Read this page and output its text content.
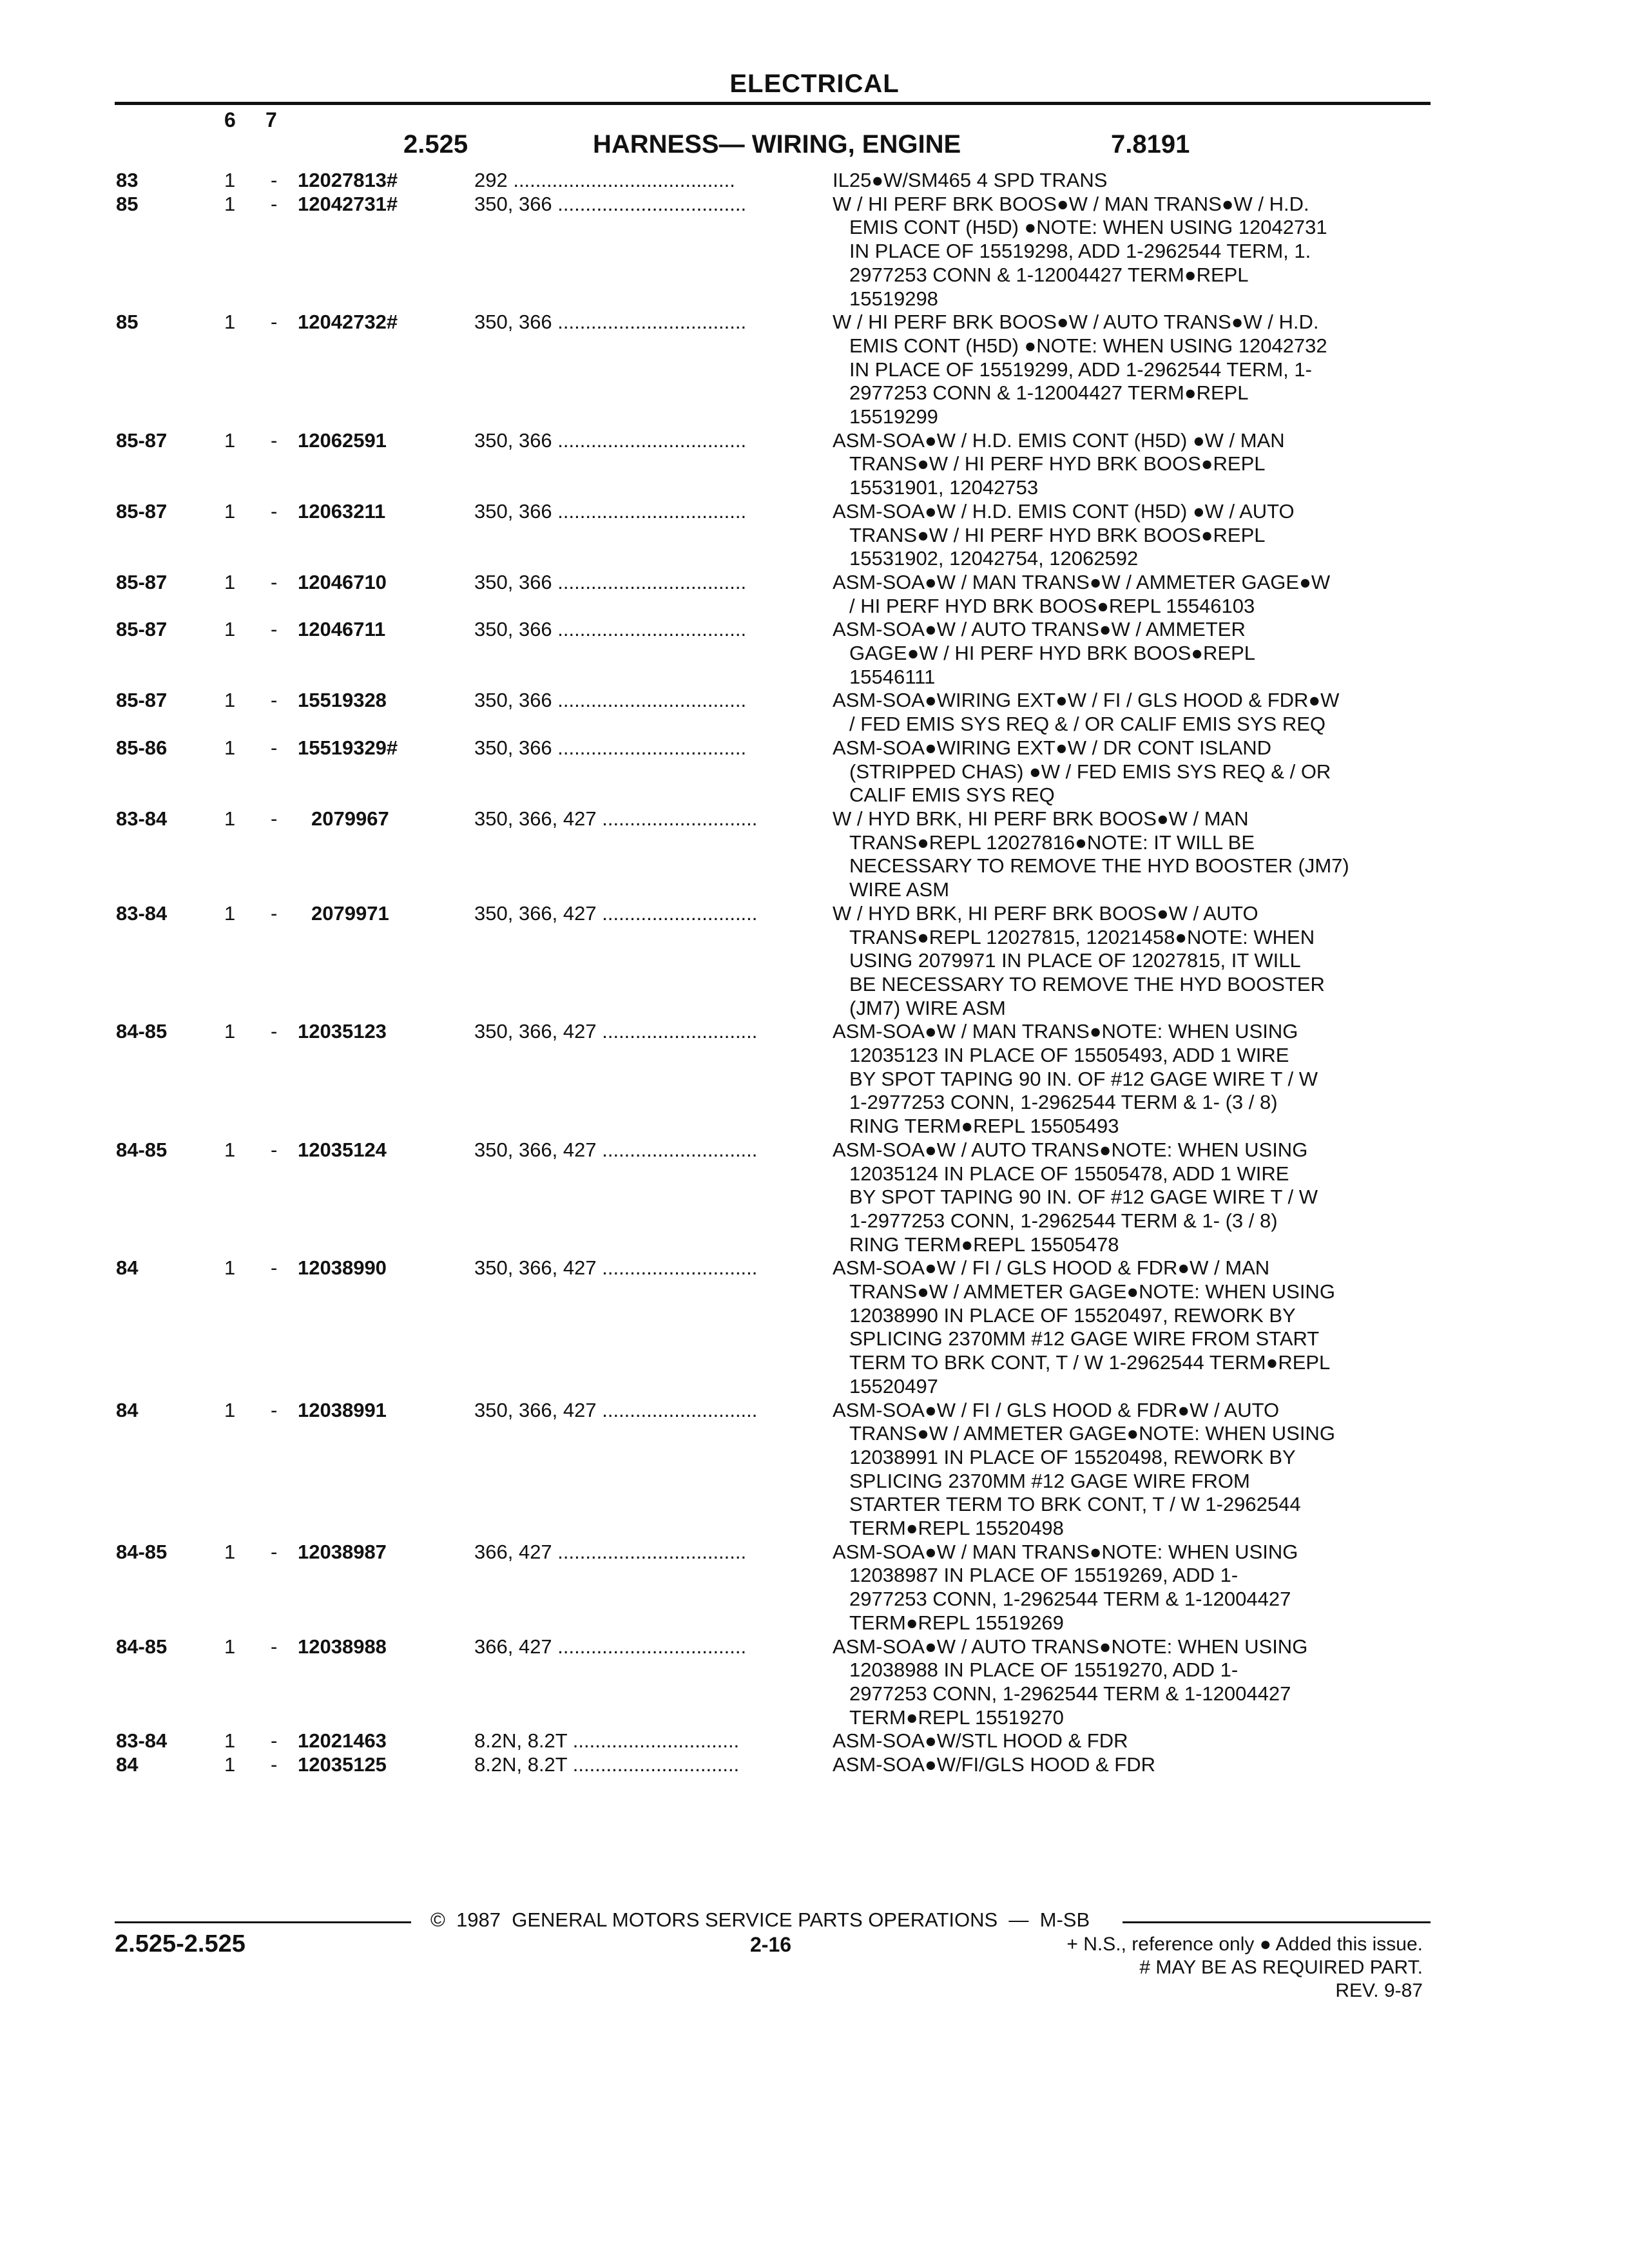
ELECTRICAL
6 7
2.525	HARNESS— WIRING, ENGINE	7.8191
83	1 - 12027813#	292 ........................................	IL25●W/SM465 4 SPD TRANS
85	1 - 12042731#	350, 366 ..................................	W / HI PERF BRK BOOS●W / MAN TRANS●W / H.D.
EMIS CONT (H5D) ●NOTE: WHEN USING 12042731
IN PLACE OF 15519298, ADD 1-2962544 TERM, 1.
2977253 CONN & 1-12004427 TERM●REPL
15519298
85	1 - 12042732#	350, 366 ..................................	W / HI PERF BRK BOOS●W / AUTO TRANS●W / H.D.
EMIS CONT (H5D) ●NOTE: WHEN USING 12042732
IN PLACE OF 15519299, ADD 1-2962544 TERM, 1-
2977253 CONN & 1-12004427 TERM●REPL
15519299
85-87	1 - 12062591	350, 366 ..................................	ASM-SOA●W / H.D. EMIS CONT (H5D) ●W / MAN
TRANS●W / HI PERF HYD BRK BOOS●REPL
15531901, 12042753
85-87	1 - 12063211	350, 366 ..................................	ASM-SOA●W / H.D. EMIS CONT (H5D) ●W / AUTO
TRANS●W / HI PERF HYD BRK BOOS●REPL
15531902, 12042754, 12062592
85-87	1 - 12046710	350, 366 ..................................	ASM-SOA●W / MAN TRANS●W / AMMETER GAGE●W
/ HI PERF HYD BRK BOOS●REPL 15546103
85-87	1 - 12046711	350, 366 ..................................	ASM-SOA●W / AUTO TRANS●W / AMMETER
GAGE●W / HI PERF HYD BRK BOOS●REPL
15546111
85-87	1 - 15519328	350, 366 ..................................	ASM-SOA●WIRING EXT●W / FI / GLS HOOD & FDR●W
/ FED EMIS SYS REQ & / OR CALIF EMIS SYS REQ
85-86	1 - 15519329#	350, 366 ..................................	ASM-SOA●WIRING EXT●W / DR CONT ISLAND
(STRIPPED CHAS) ●W / FED EMIS SYS REQ & / OR
CALIF EMIS SYS REQ
83-84	1 - 2079967	350, 366, 427 ............................	W / HYD BRK, HI PERF BRK BOOS●W / MAN
TRANS●REPL 12027816●NOTE: IT WILL BE
NECESSARY TO REMOVE THE HYD BOOSTER (JM7)
WIRE ASM
83-84	1 - 2079971	350, 366, 427 ............................	W / HYD BRK, HI PERF BRK BOOS●W / AUTO
TRANS●REPL 12027815, 12021458●NOTE: WHEN
USING 2079971 IN PLACE OF 12027815, IT WILL
BE NECESSARY TO REMOVE THE HYD BOOSTER
(JM7) WIRE ASM
84-85	1 - 12035123	350, 366, 427 ............................	ASM-SOA●W / MAN TRANS●NOTE: WHEN USING
12035123 IN PLACE OF 15505493, ADD 1 WIRE
BY SPOT TAPING 90 IN. OF #12 GAGE WIRE T / W
1-2977253 CONN, 1-2962544 TERM & 1- (3 / 8)
RING TERM●REPL 15505493
84-85	1 - 12035124	350, 366, 427 ............................	ASM-SOA●W / AUTO TRANS●NOTE: WHEN USING
12035124 IN PLACE OF 15505478, ADD 1 WIRE
BY SPOT TAPING 90 IN. OF #12 GAGE WIRE T / W
1-2977253 CONN, 1-2962544 TERM & 1- (3 / 8)
RING TERM●REPL 15505478
84	1 - 12038990	350, 366, 427 ............................	ASM-SOA●W / FI / GLS HOOD & FDR●W / MAN
TRANS●W / AMMETER GAGE●NOTE: WHEN USING
12038990 IN PLACE OF 15520497, REWORK BY
SPLICING 2370MM #12 GAGE WIRE FROM START
TERM TO BRK CONT, T / W 1-2962544 TERM●REPL
15520497
84	1 - 12038991	350, 366, 427 ............................	ASM-SOA●W / FI / GLS HOOD & FDR●W / AUTO
TRANS●W / AMMETER GAGE●NOTE: WHEN USING
12038991 IN PLACE OF 15520498, REWORK BY
SPLICING 2370MM #12 GAGE WIRE FROM
STARTER TERM TO BRK CONT, T / W 1-2962544
TERM●REPL 15520498
84-85	1 - 12038987	366, 427 ..................................	ASM-SOA●W / MAN TRANS●NOTE: WHEN USING
12038987 IN PLACE OF 15519269, ADD 1-
2977253 CONN, 1-2962544 TERM & 1-12004427
TERM●REPL 15519269
84-85	1 - 12038988	366, 427 ..................................	ASM-SOA●W / AUTO TRANS●NOTE: WHEN USING
12038988 IN PLACE OF 15519270, ADD 1-
2977253 CONN, 1-2962544 TERM & 1-12004427
TERM●REPL 15519270
83-84	1 - 12021463	8.2N, 8.2T ..............................	ASM-SOA●W/STL HOOD & FDR
84	1 - 12035125	8.2N, 8.2T ..............................	ASM-SOA●W/FI/GLS HOOD & FDR
©  1987  GENERAL MOTORS SERVICE PARTS OPERATIONS  —  M-SB
2.525-2.525	2-16	+ N.S., reference only ● Added this issue.
# MAY BE AS REQUIRED PART.
REV. 9-87
